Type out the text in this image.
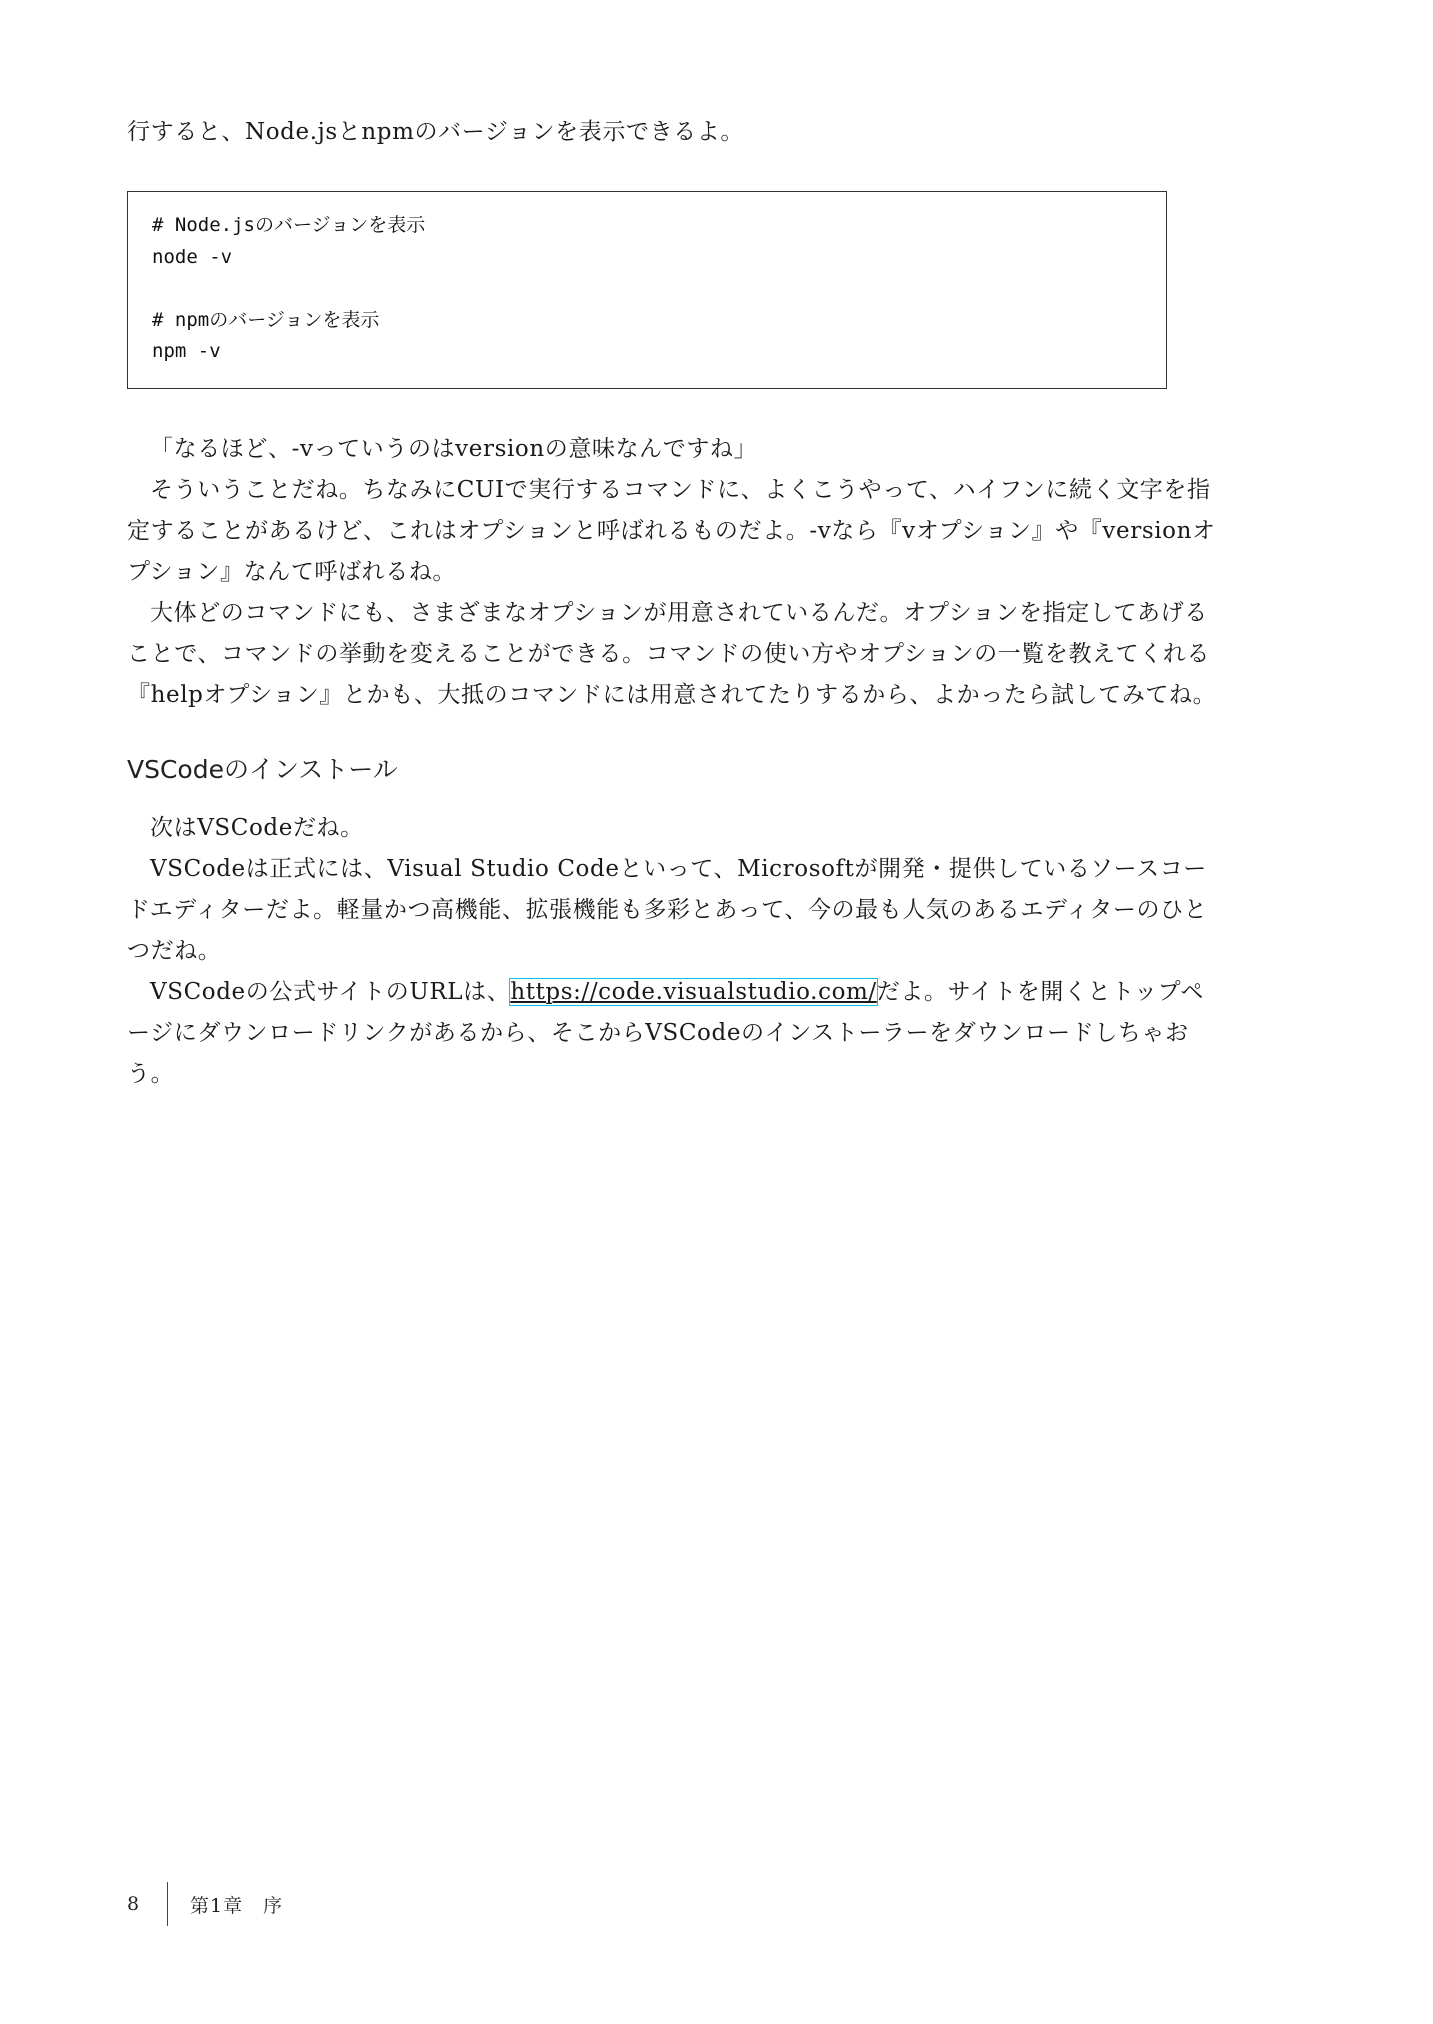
行すると、Node.jsとnpmのバージョンを表示できるよ。

# Node.jsのバージョンを表示
node -v
# npmのバージョンを表示
npm -v

「なるほど、-vっていうのはversionの意味なんですね」

そういうことだね。ちなみにCUIで実行するコマンドに、よくこうやって、ハイフンに続く文字を指定することがあるけど、これはオプションと呼ばれるものだよ。-vなら『vオプション』や『versionオプション』なんて呼ばれるね。

大体どのコマンドにも、さまざまなオプションが用意されているんだ。オプションを指定してあげることで、コマンドの挙動を変えることができる。コマンドの使い方やオプションの一覧を教えてくれる『helpオプション』とかも、大抵のコマンドには用意されてたりするから、よかったら試してみてね。

VSCodeのインストール

次はVSCodeだね。

VSCodeは正式には、Visual Studio Codeといって、Microsoftが開発・提供しているソースコードエディターだよ。軽量かつ高機能、拡張機能も多彩とあって、今の最も人気のあるエディターのひとつだね。

VSCodeの公式サイトのURLは、https://code.visualstudio.com/だよ。サイトを開くとトップページにダウンロードリンクがあるから、そこからVSCodeのインストーラーをダウンロードしちゃおう。

8	第1章　序
